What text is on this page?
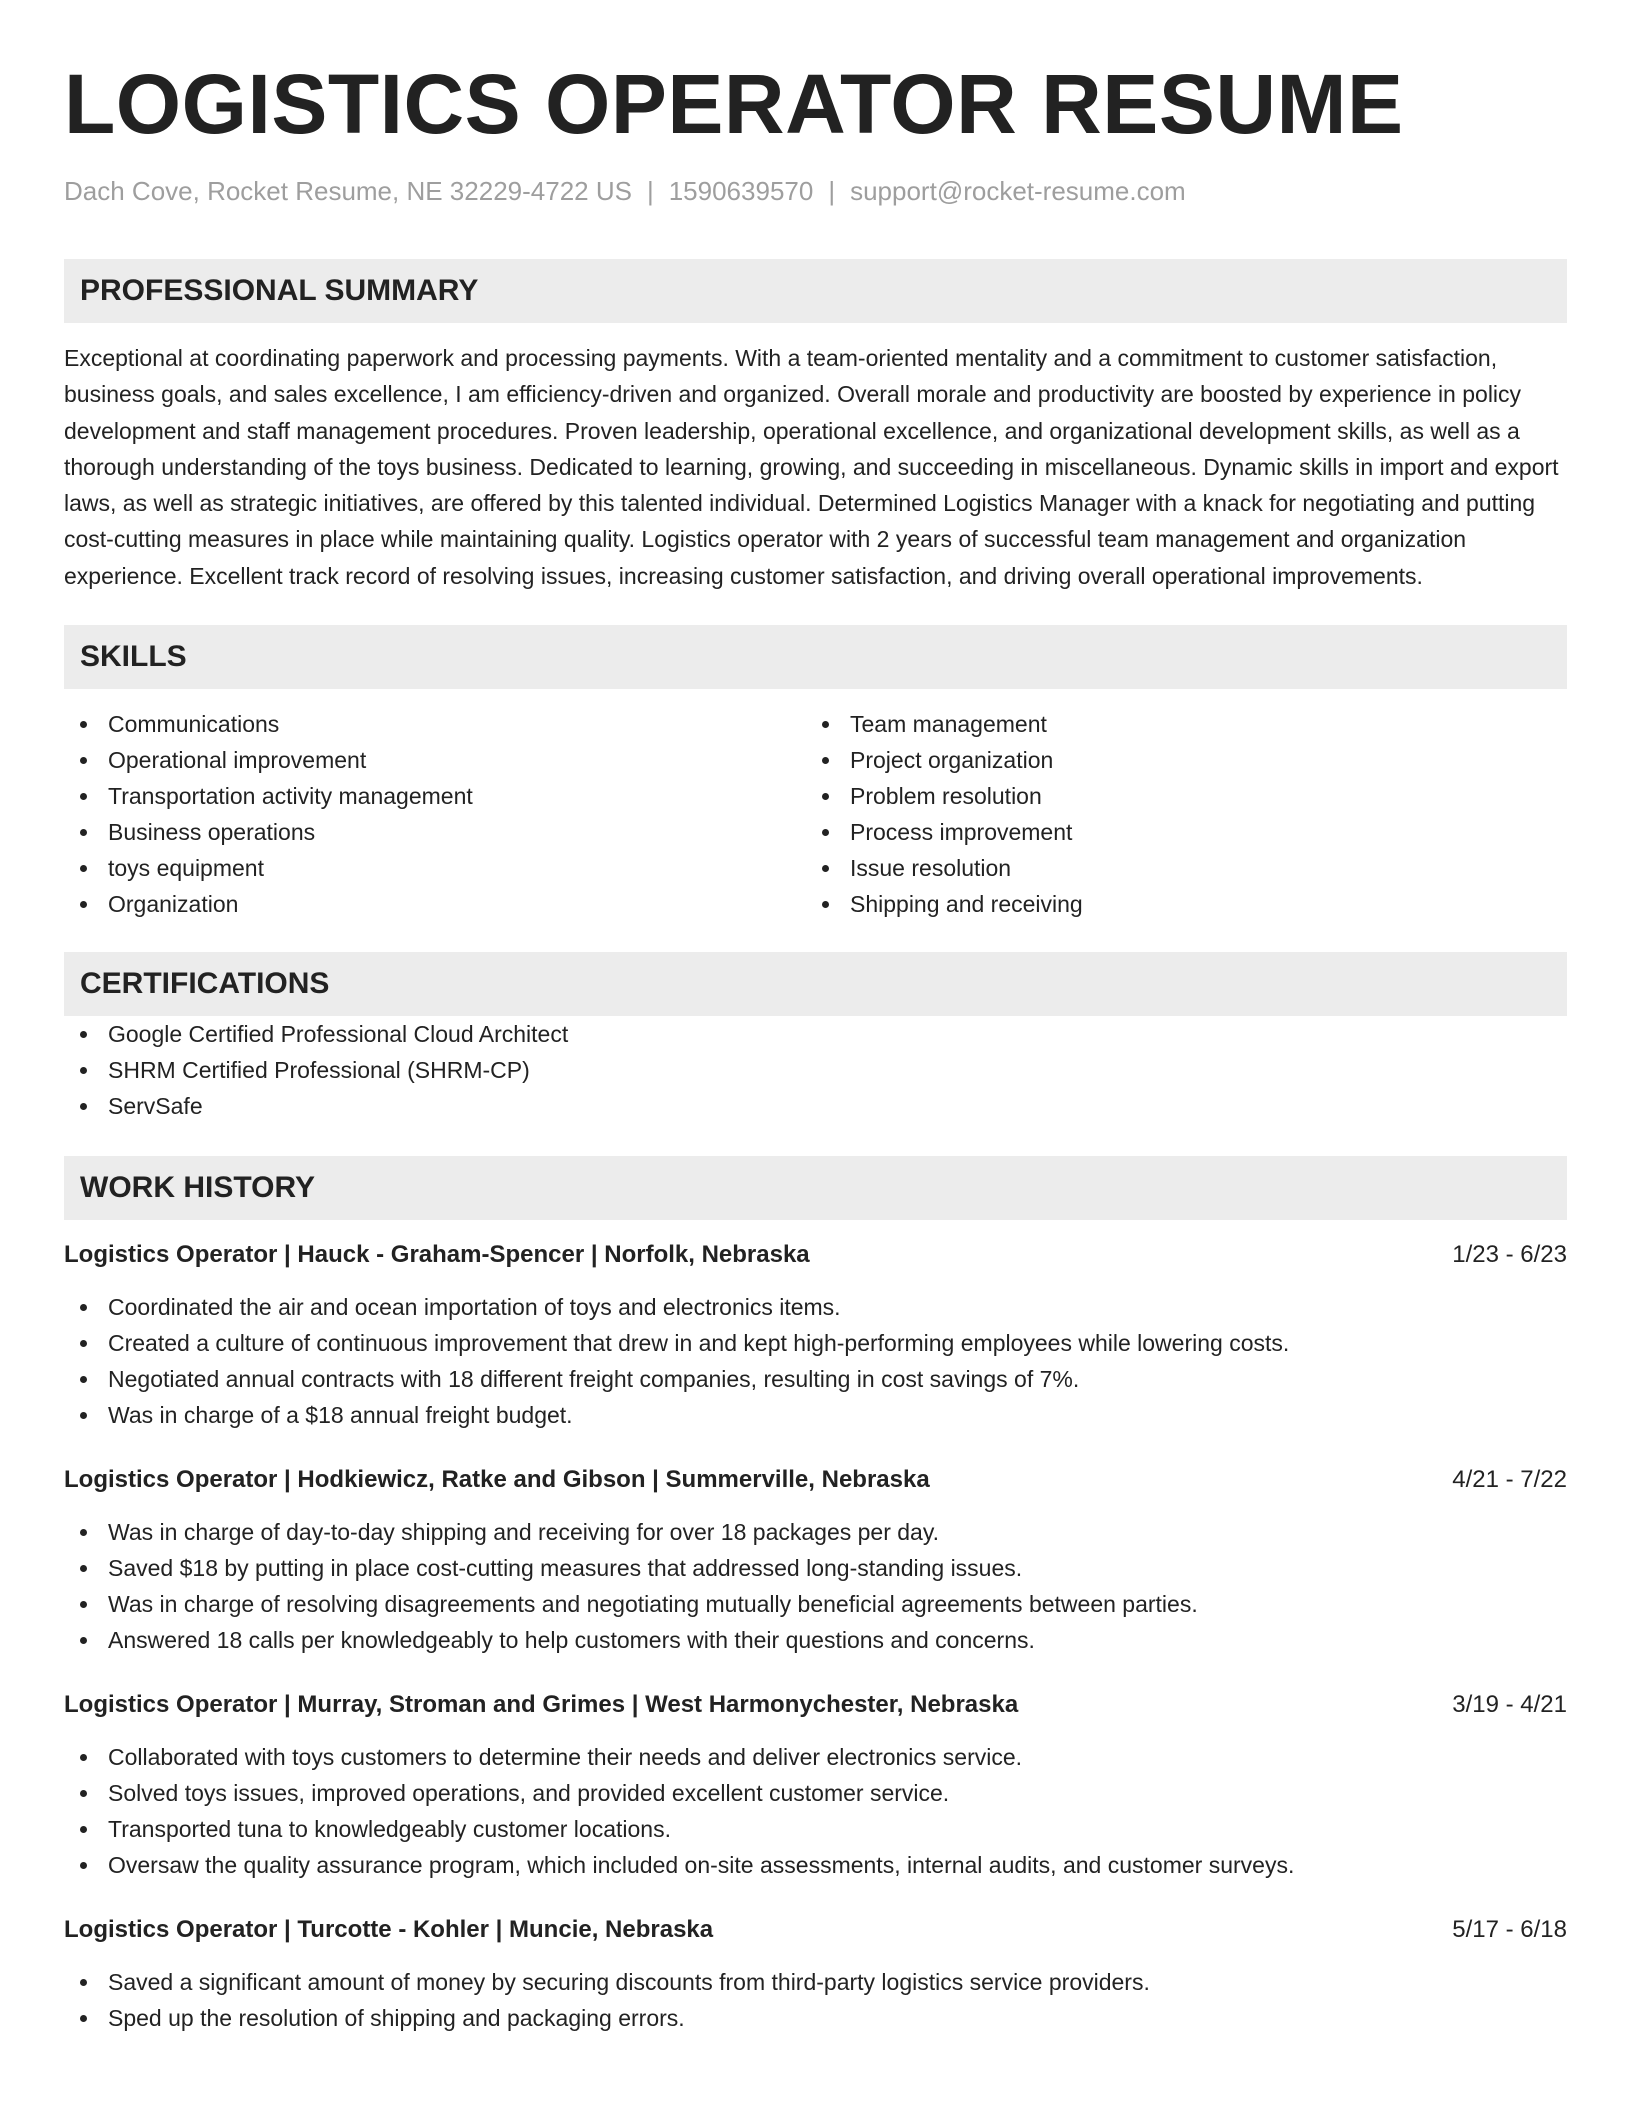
LOGISTICS OPERATOR RESUME
Dach Cove, Rocket Resume, NE 32229-4722 US | 1590639570 | support@rocket-resume.com
PROFESSIONAL SUMMARY

Exceptional at coordinating paperwork and processing payments. With a team-oriented mentality and a commitment to customer satisfaction, business goals, and sales excellence, I am efficiency-driven and organized. Overall morale and productivity are boosted by experience in policy development and staff management procedures. Proven leadership, operational excellence, and organizational development skills, as well as a thorough understanding of the toys business. Dedicated to learning, growing, and succeeding in miscellaneous. Dynamic skills in import and export laws, as well as strategic initiatives, are offered by this talented individual. Determined Logistics Manager with a knack for negotiating and putting cost-cutting measures in place while maintaining quality. Logistics operator with 2 years of successful team management and organization experience. Excellent track record of resolving issues, increasing customer satisfaction, and driving overall operational improvements.

SKILLS
Communications
Operational improvement
Transportation activity management
Business operations
toys equipment
Organization
Team management
Project organization
Problem resolution
Process improvement
Issue resolution
Shipping and receiving
CERTIFICATIONS
Google Certified Professional Cloud Architect
SHRM Certified Professional (SHRM-CP)
ServSafe
WORK HISTORY
Logistics Operator | Hauck - Graham-Spencer | Norfolk, Nebraska	1/23 - 6/23
Coordinated the air and ocean importation of toys and electronics items.
Created a culture of continuous improvement that drew in and kept high-performing employees while lowering costs.
Negotiated annual contracts with 18 different freight companies, resulting in cost savings of 7%.
Was in charge of a $18 annual freight budget.
Logistics Operator | Hodkiewicz, Ratke and Gibson | Summerville, Nebraska	4/21 - 7/22
Was in charge of day-to-day shipping and receiving for over 18 packages per day.
Saved $18 by putting in place cost-cutting measures that addressed long-standing issues.
Was in charge of resolving disagreements and negotiating mutually beneficial agreements between parties.
Answered 18 calls per knowledgeably to help customers with their questions and concerns.
Logistics Operator | Murray, Stroman and Grimes | West Harmonychester, Nebraska	3/19 - 4/21
Collaborated with toys customers to determine their needs and deliver electronics service.
Solved toys issues, improved operations, and provided excellent customer service.
Transported tuna to knowledgeably customer locations.
Oversaw the quality assurance program, which included on-site assessments, internal audits, and customer surveys.
Logistics Operator | Turcotte - Kohler | Muncie, Nebraska	5/17 - 6/18
Saved a significant amount of money by securing discounts from third-party logistics service providers.
Sped up the resolution of shipping and packaging errors.
